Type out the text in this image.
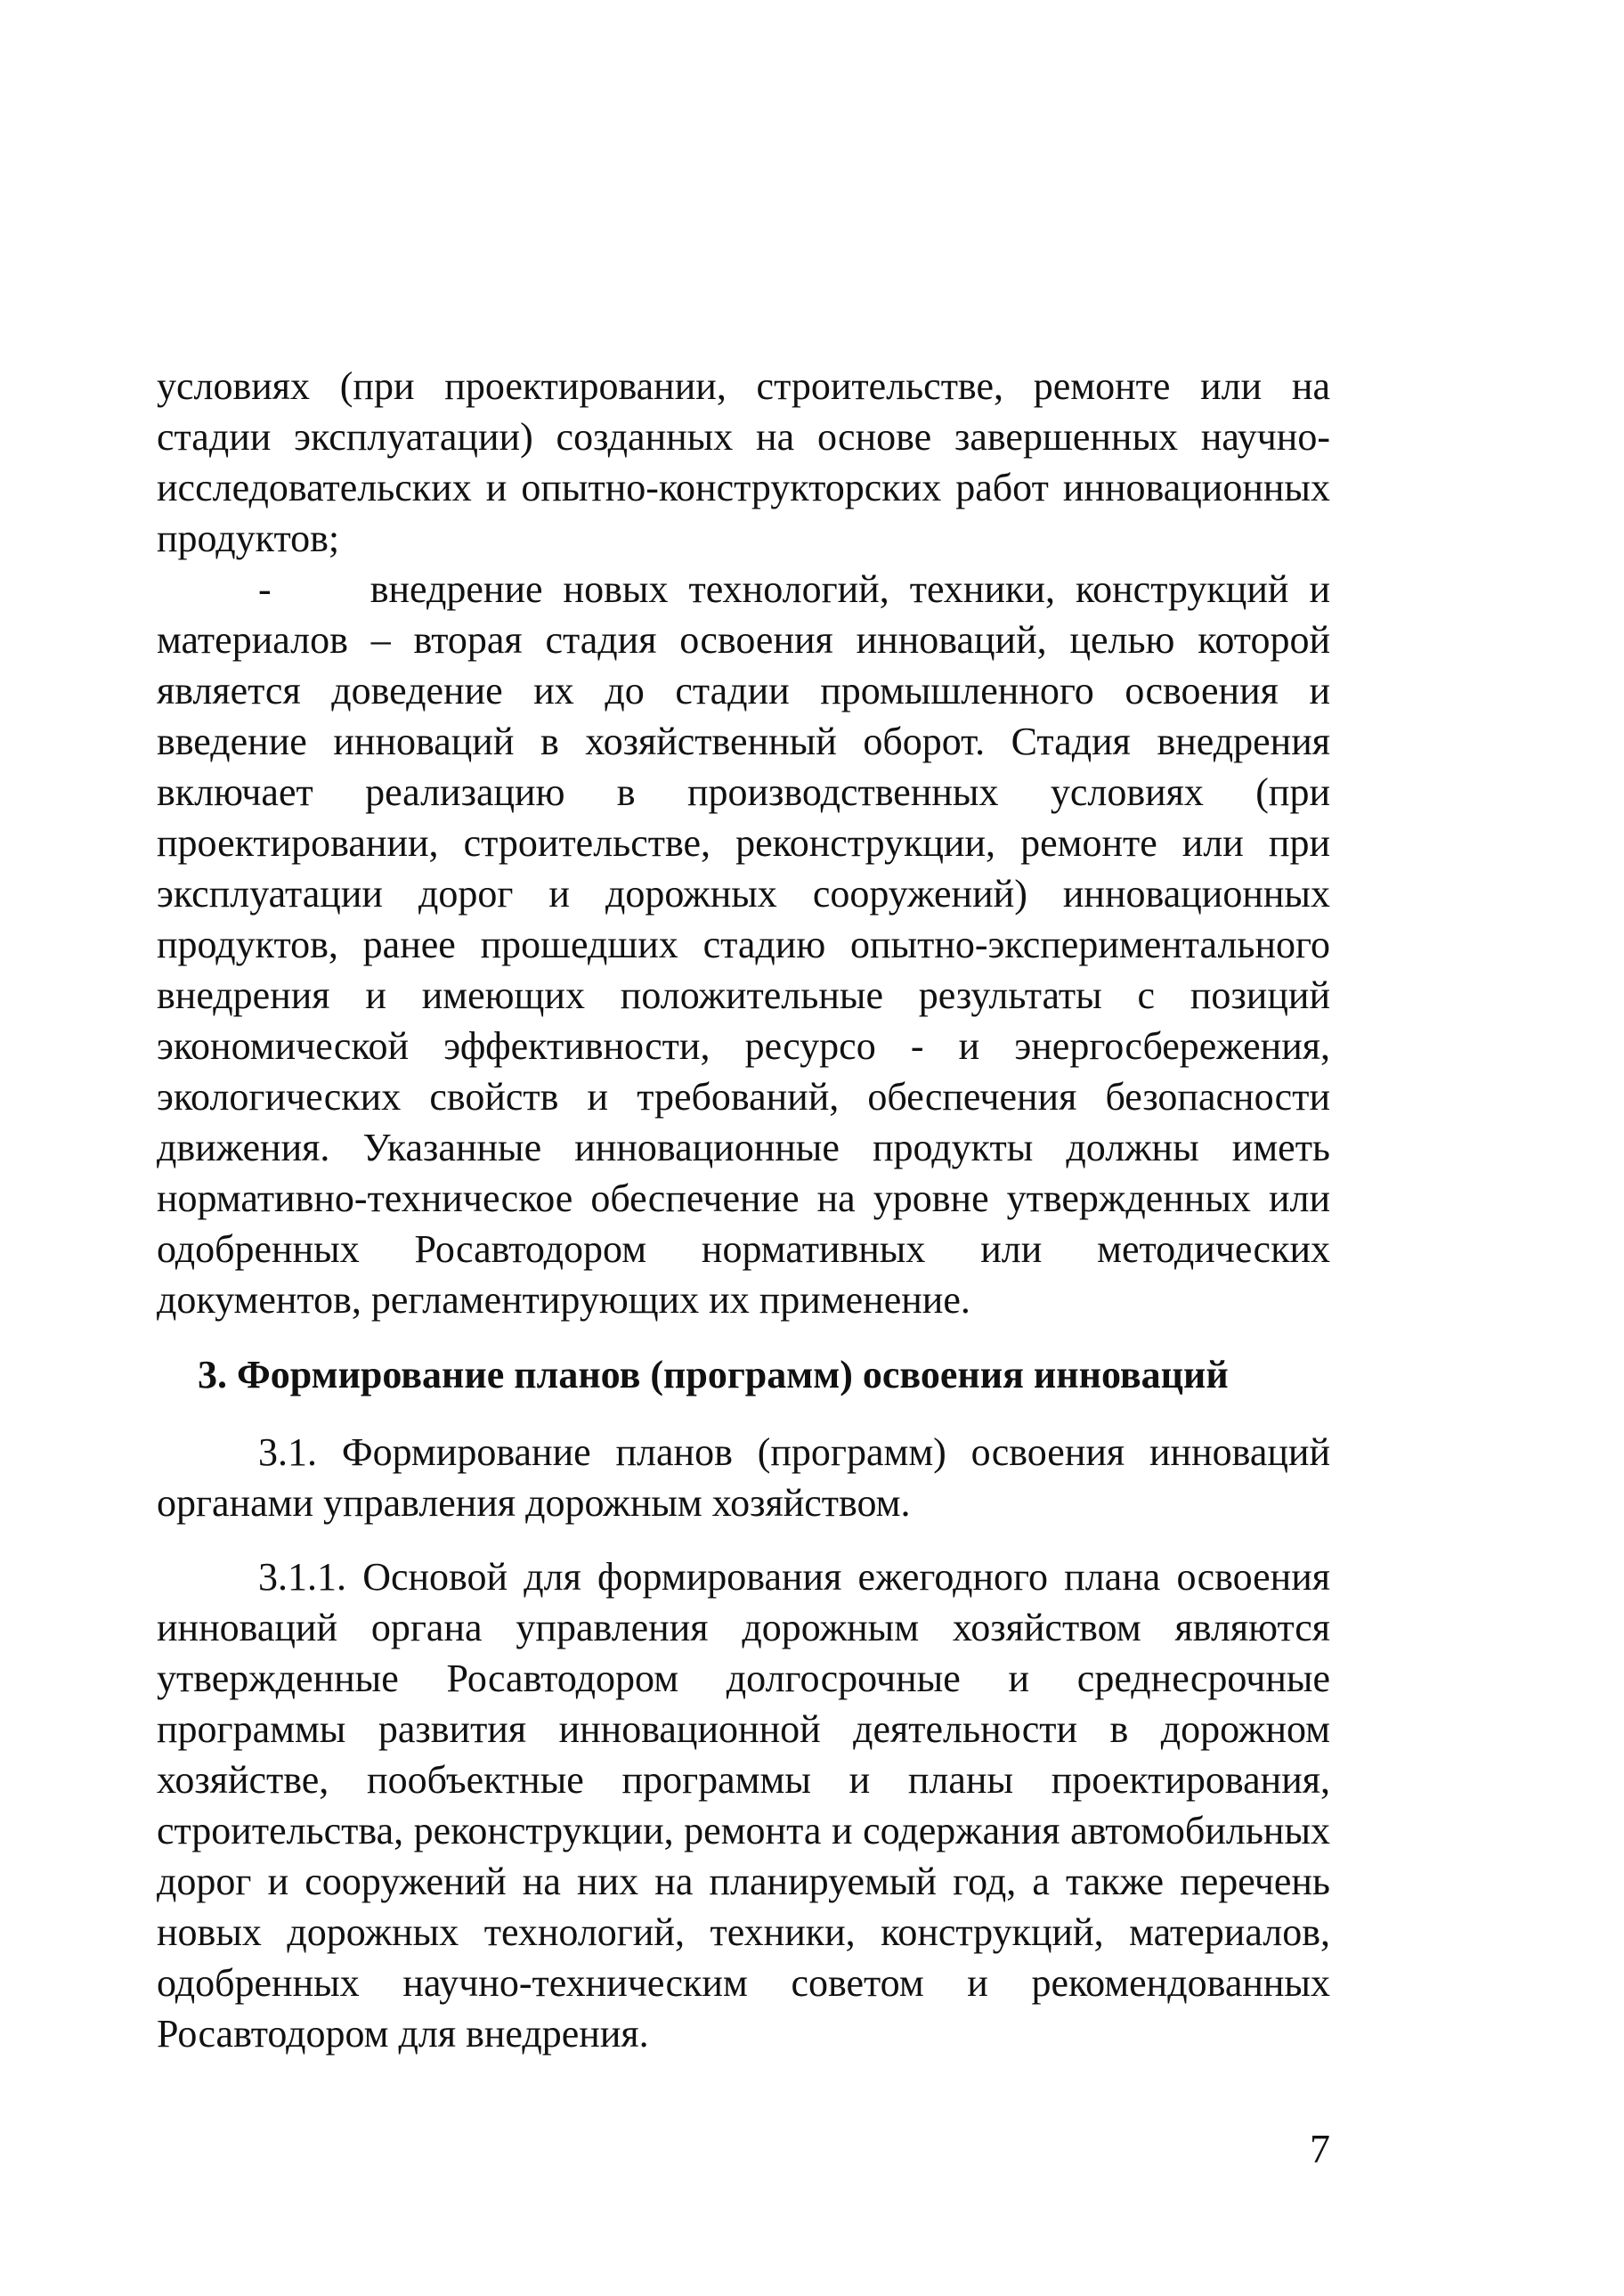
условиях (при проектировании, строительстве, ремонте или на стадии эксплуатации) созданных на основе завершенных научно-исследовательских и опытно-конструкторских работ инновационных продуктов;

-  	внедрение новых технологий, техники, конструкций и материалов – вторая стадия освоения инноваций, целью которой является доведение их до стадии промышленного освоения и введение инноваций в хозяйственный оборот. Стадия внедрения включает реализацию в производственных условиях (при проектировании, строительстве, реконструкции, ремонте или при эксплуатации дорог и дорожных сооружений) инновационных продуктов, ранее прошедших стадию опытно-экспериментального внедрения и имеющих положительные результаты с позиций экономической эффективности, ресурсо - и энергосбережения, экологических свойств и требований, обеспечения безопасности движения. Указанные инновационные продукты должны иметь нормативно-техническое обеспечение на уровне утвержденных или одобренных Росавтодором нормативных или методических документов, регламентирующих их применение.

3. Формирование планов (программ) освоения инноваций

3.1. Формирование планов (программ) освоения инноваций органами управления дорожным хозяйством.

3.1.1. Основой для формирования ежегодного плана освоения инноваций органа управления дорожным хозяйством являются утвержденные Росавтодором долгосрочные и среднесрочные программы развития инновационной деятельности в дорожном хозяйстве, пообъектные программы и планы проектирования, строительства, реконструкции, ремонта и содержания автомобильных дорог и сооружений на них на планируемый год, а также перечень новых дорожных технологий, техники, конструкций, материалов, одобренных научно-техническим советом и рекомендованных Росавтодором для внедрения.

7
